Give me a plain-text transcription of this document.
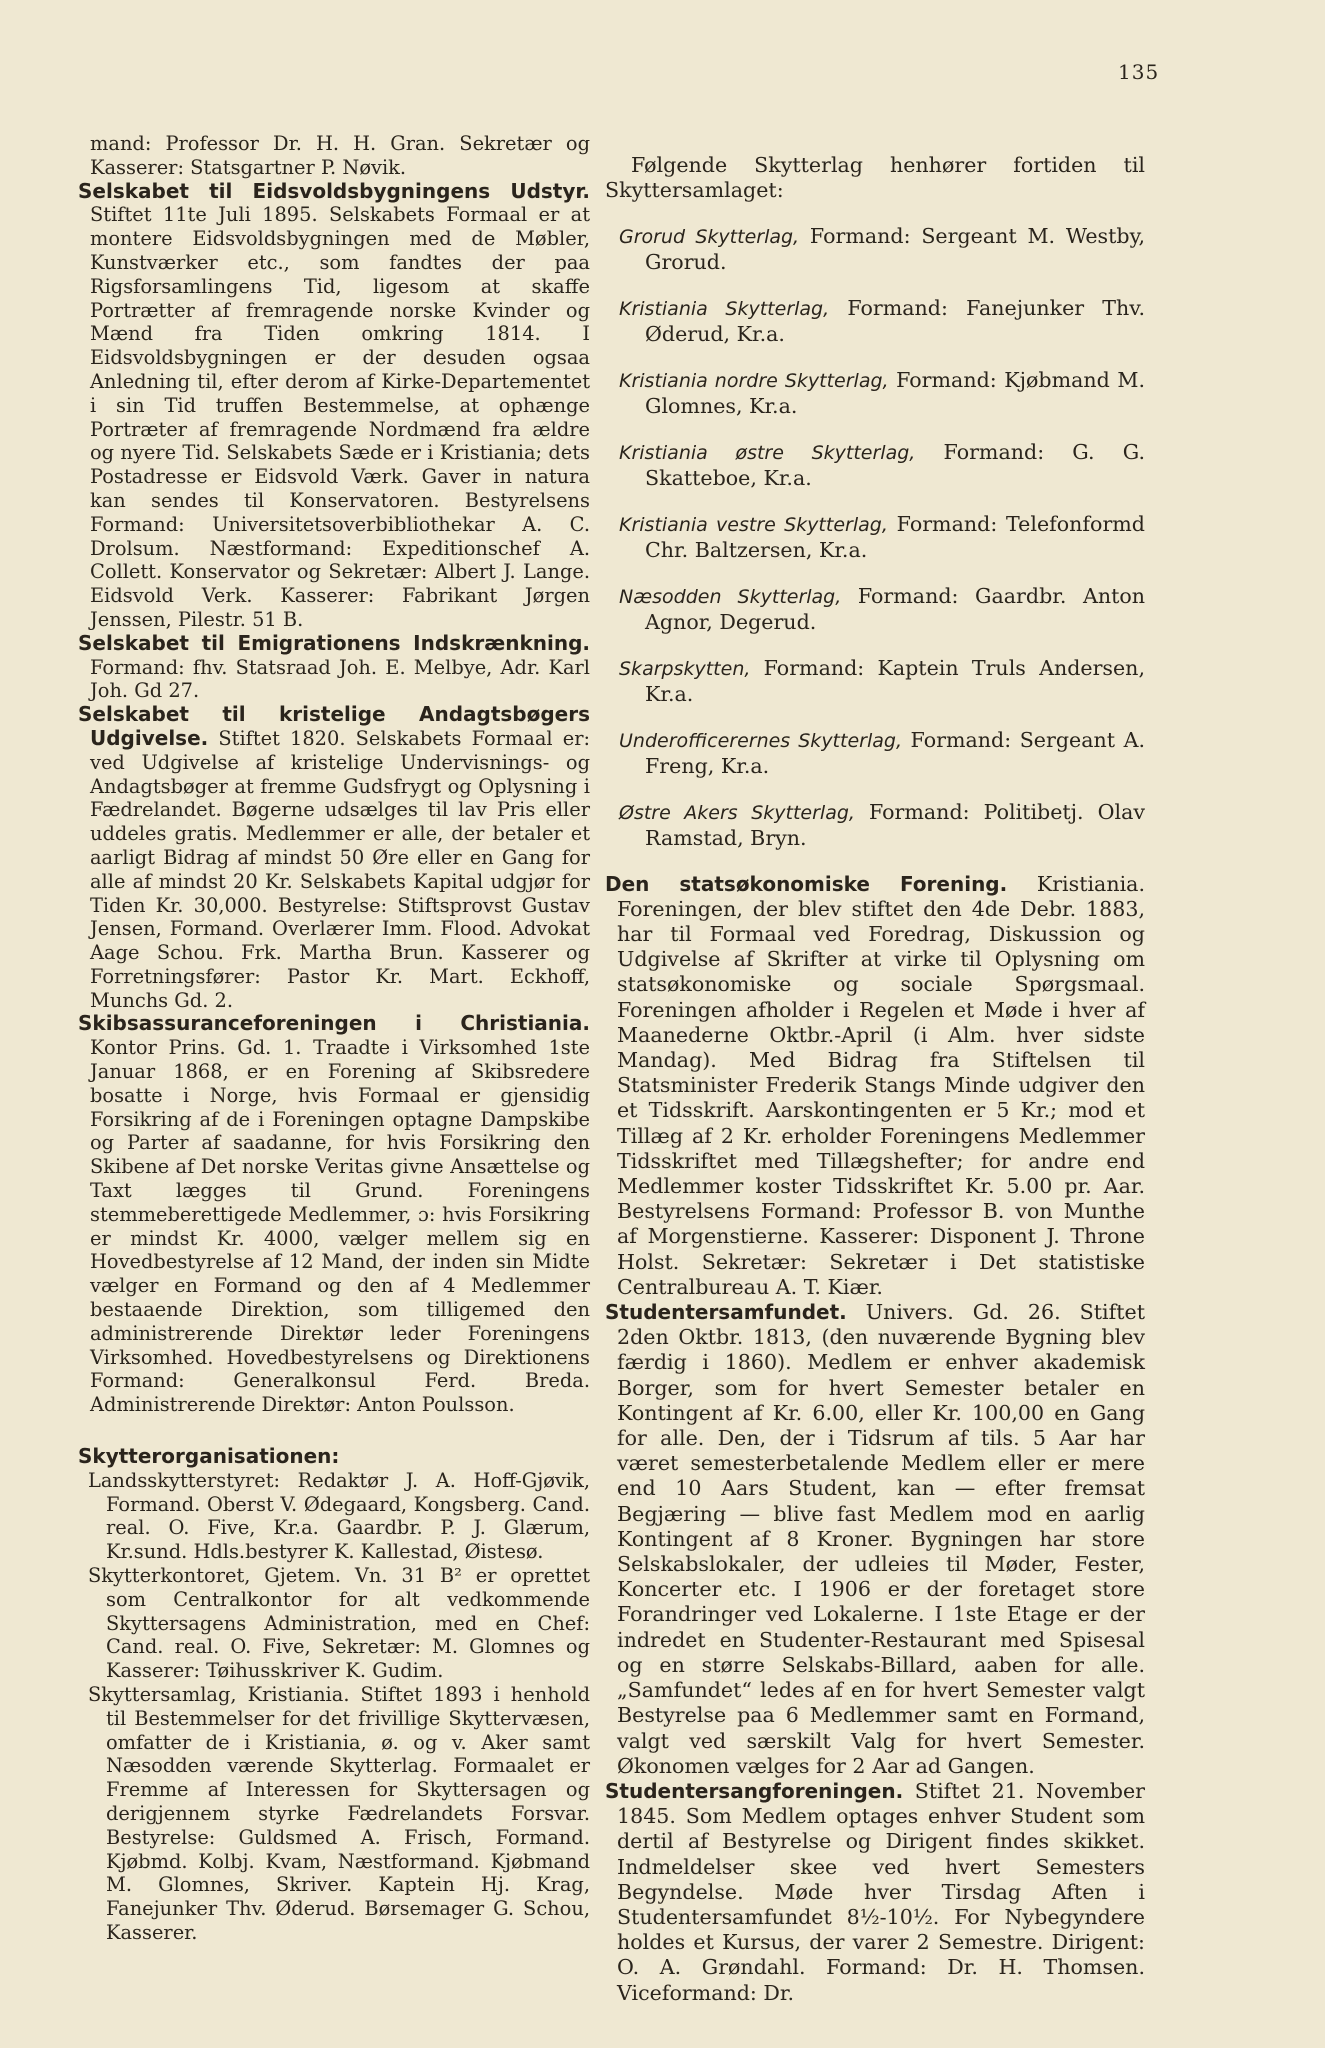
135

mand: Professor Dr. H. H. Gran. Sekretær og Kasserer: Statsgartner P. Nøvik.

Selskabet til Eidsvoldsbygningens Udstyr. Stiftet 11te Juli 1895. Selskabets Formaal er at montere Eidsvoldsbygningen med de Møbler, Kunstværker etc., som fandtes der paa Rigsforsamlingens Tid, ligesom at skaffe Portrætter af fremragende norske Kvinder og Mænd fra Tiden omkring 1814. I Eidsvoldsbygningen er der desuden ogsaa Anledning til, efter derom af Kirke-Departementet i sin Tid truffen Bestemmelse, at ophænge Portræter af fremragende Nordmænd fra ældre og nyere Tid. Selskabets Sæde er i Kristiania; dets Postadresse er Eidsvold Værk. Gaver in natura kan sendes til Konservatoren. Bestyrelsens Formand: Universitetsoverbibliothekar A. C. Drolsum. Næstformand: Expeditionschef A. Collett. Konservator og Sekretær: Albert J. Lange. Eidsvold Verk. Kasserer: Fabrikant Jørgen Jenssen, Pilestr. 51 B.

Selskabet til Emigrationens Indskrænkning. Formand: fhv. Statsraad Joh. E. Melbye, Adr. Karl Joh. Gd 27.

Selskabet til kristelige Andagtsbøgers Udgivelse. Stiftet 1820. Selskabets Formaal er: ved Udgivelse af kristelige Undervisnings- og Andagtsbøger at fremme Gudsfrygt og Oplysning i Fædrelandet. Bøgerne udsælges til lav Pris eller uddeles gratis. Medlemmer er alle, der betaler et aarligt Bidrag af mindst 50 Øre eller en Gang for alle af mindst 20 Kr. Selskabets Kapital udgjør for Tiden Kr. 30,000. Bestyrelse: Stiftsprovst Gustav Jensen, Formand. Overlærer Imm. Flood. Advokat Aage Schou. Frk. Martha Brun. Kasserer og Forretningsfører: Pastor Kr. Mart. Eckhoff, Munchs Gd. 2.

Skibsassuranceforeningen i Christiania. Kontor Prins. Gd. 1. Traadte i Virksomhed 1ste Januar 1868, er en Forening af Skibsredere bosatte i Norge, hvis Formaal er gjensidig Forsikring af de i Foreningen optagne Dampskibe og Parter af saadanne, for hvis Forsikring den Skibene af Det norske Veritas givne Ansættelse og Taxt lægges til Grund. Foreningens stemmeberettigede Medlemmer, ɔ: hvis Forsikring er mindst Kr. 4000, vælger mellem sig en Hovedbestyrelse af 12 Mand, der inden sin Midte vælger en Formand og den af 4 Medlemmer bestaaende Direktion, som tilligemed den administrerende Direktør leder Foreningens Virksomhed. Hovedbestyrelsens og Direktionens Formand: Generalkonsul Ferd. Breda. Administrerende Direktør: Anton Poulsson.

Skytterorganisationen:

Landsskytterstyret: Redaktør J. A. Hoff-Gjøvik, Formand. Oberst V. Ødegaard, Kongsberg. Cand. real. O. Five, Kr.a. Gaardbr. P. J. Glærum, Kr.sund. Hdls.bestyrer K. Kallestad, Øistesø.

Skytterkontoret, Gjetem. Vn. 31 B² er oprettet som Centralkontor for alt vedkommende Skyttersagens Administration, med en Chef: Cand. real. O. Five, Sekretær: M. Glomnes og Kasserer: Tøihusskriver K. Gudim.

Skyttersamlag, Kristiania. Stiftet 1893 i henhold til Bestemmelser for det frivillige Skyttervæsen, omfatter de i Kristiania, ø. og v. Aker samt Næsodden værende Skytterlag. Formaalet er Fremme af Interessen for Skyttersagen og derigjennem styrke Fædrelandets Forsvar. Bestyrelse: Guldsmed A. Frisch, Formand. Kjøbmd. Kolbj. Kvam, Næstformand. Kjøbmand M. Glomnes, Skriver. Kaptein Hj. Krag, Fanejunker Thv. Øderud. Børsemager G. Schou, Kasserer.

Følgende Skytterlag henhører fortiden til Skyttersamlaget:

Grorud Skytterlag, Formand: Sergeant M. Westby, Grorud.

Kristiania Skytterlag, Formand: Fanejunker Thv. Øderud, Kr.a.

Kristiania nordre Skytterlag, Formand: Kjøbmand M. Glomnes, Kr.a.

Kristiania østre Skytterlag, Formand: G. G. Skatteboe, Kr.a.

Kristiania vestre Skytterlag, Formand: Telefonformd Chr. Baltzersen, Kr.a.

Næsodden Skytterlag, Formand: Gaardbr. Anton Agnor, Degerud.

Skarpskytten, Formand: Kaptein Truls Andersen, Kr.a.

Underofficerernes Skytterlag, Formand: Sergeant A. Freng, Kr.a.

Østre Akers Skytterlag, Formand: Politibetj. Olav Ramstad, Bryn.

Den statsøkonomiske Forening. Kristiania. Foreningen, der blev stiftet den 4de Debr. 1883, har til Formaal ved Foredrag, Diskussion og Udgivelse af Skrifter at virke til Oplysning om statsøkonomiske og sociale Spørgsmaal. Foreningen afholder i Regelen et Møde i hver af Maanederne Oktbr.-April (i Alm. hver sidste Mandag). Med Bidrag fra Stiftelsen til Statsminister Frederik Stangs Minde udgiver den et Tidsskrift. Aarskontingenten er 5 Kr.; mod et Tillæg af 2 Kr. erholder Foreningens Medlemmer Tidsskriftet med Tillægshefter; for andre end Medlemmer koster Tidsskriftet Kr. 5.00 pr. Aar. Bestyrelsens Formand: Professor B. von Munthe af Morgenstierne. Kasserer: Disponent J. Throne Holst. Sekretær: Sekretær i Det statistiske Centralbureau A. T. Kiær.

Studentersamfundet. Univers. Gd. 26. Stiftet 2den Oktbr. 1813, (den nuværende Bygning blev færdig i 1860). Medlem er enhver akademisk Borger, som for hvert Semester betaler en Kontingent af Kr. 6.00, eller Kr. 100,00 en Gang for alle. Den, der i Tidsrum af tils. 5 Aar har været semesterbetalende Medlem eller er mere end 10 Aars Student, kan — efter fremsat Begjæring — blive fast Medlem mod en aarlig Kontingent af 8 Kroner. Bygningen har store Selskabslokaler, der udleies til Møder, Fester, Koncerter etc. I 1906 er der foretaget store Forandringer ved Lokalerne. I 1ste Etage er der indredet en Studenter-Restaurant med Spisesal og en større Selskabs-Billard, aaben for alle. „Samfundet“ ledes af en for hvert Semester valgt Bestyrelse paa 6 Medlemmer samt en Formand, valgt ved særskilt Valg for hvert Semester. Økonomen vælges for 2 Aar ad Gangen.

Studentersangforeningen. Stiftet 21. November 1845. Som Medlem optages enhver Student som dertil af Bestyrelse og Dirigent findes skikket. Indmeldelser skee ved hvert Semesters Begyndelse. Møde hver Tirsdag Aften i Studentersamfundet 8½-10½. For Nybegyndere holdes et Kursus, der varer 2 Semestre. Dirigent: O. A. Grøndahl. Formand: Dr. H. Thomsen. Viceformand: Dr.
